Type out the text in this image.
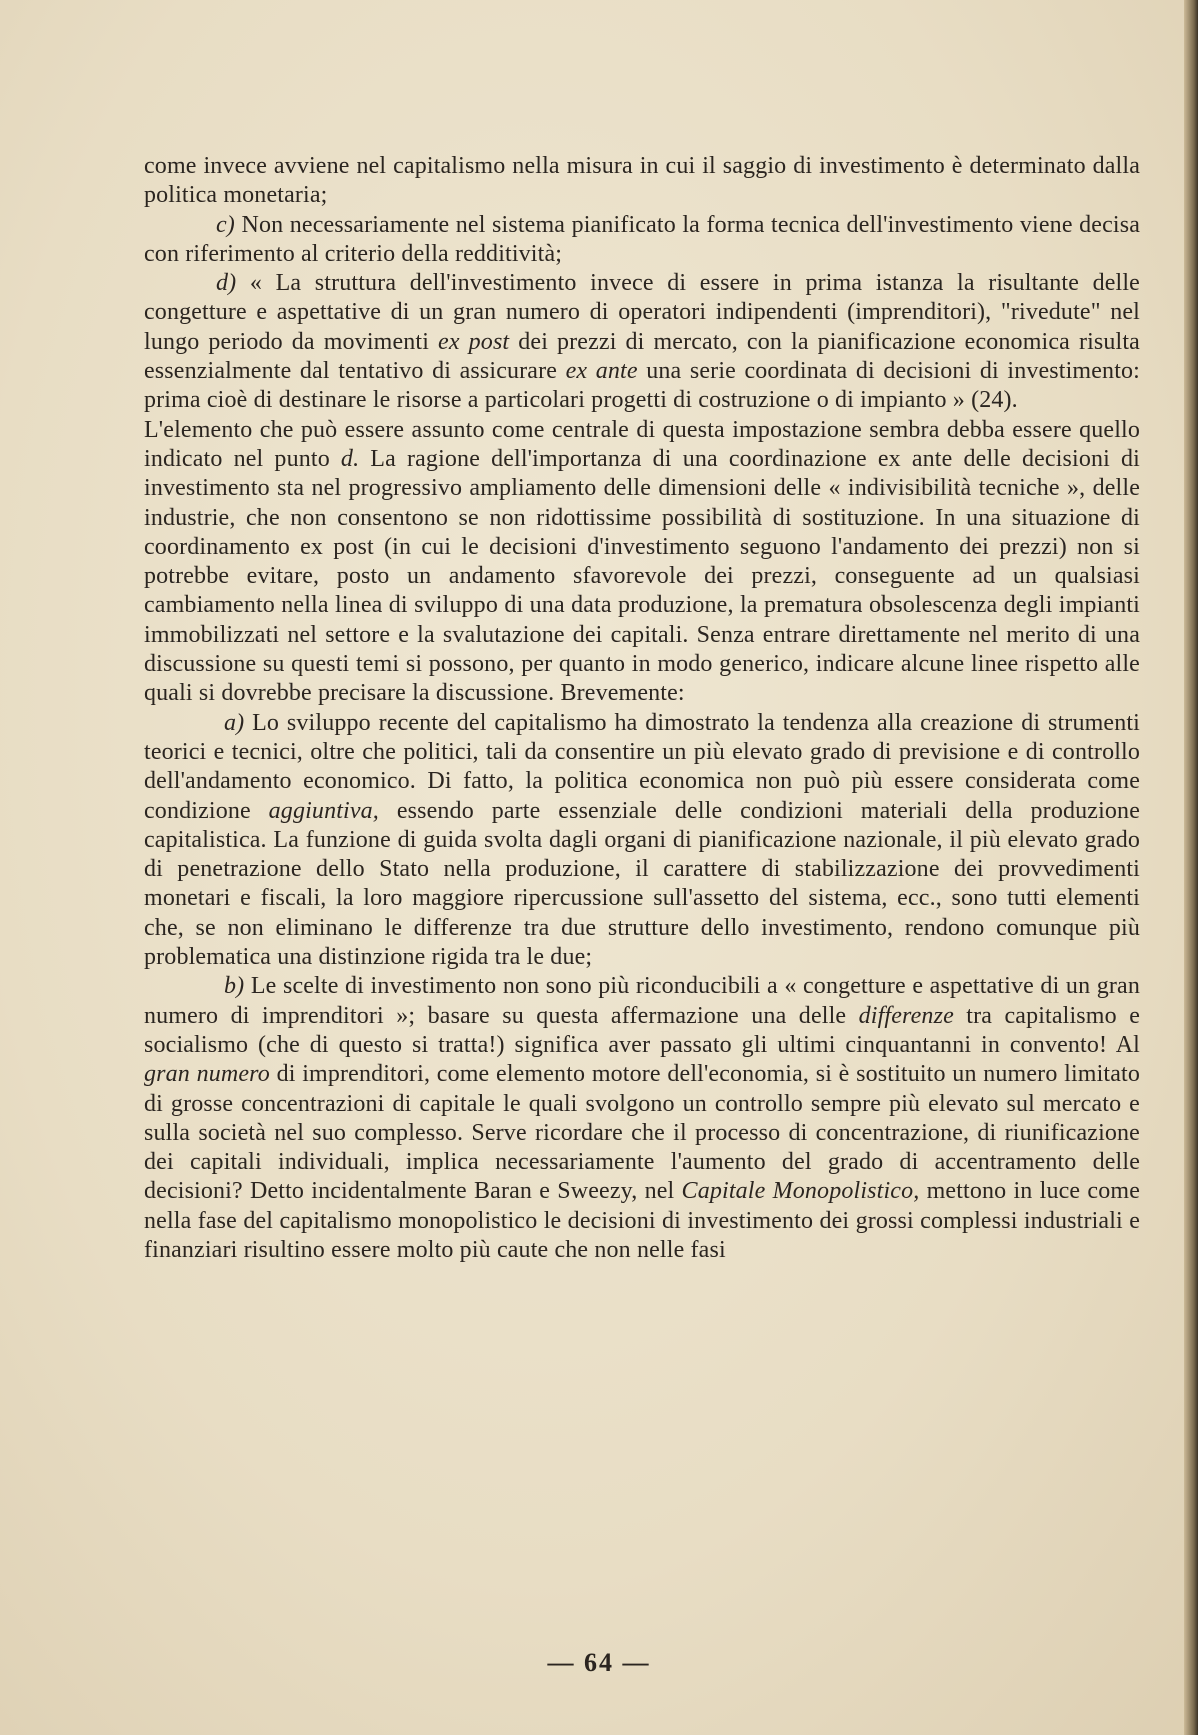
come invece avviene nel capitalismo nella misura in cui il saggio di investimento è determinato dalla politica monetaria;

c) Non necessariamente nel sistema pianificato la forma tecnica dell'investimento viene decisa con riferimento al criterio della redditività;

d) « La struttura dell'investimento invece di essere in prima istanza la risultante delle congetture e aspettative di un gran numero di operatori indipendenti (imprenditori), "rivedute" nel lungo periodo da movimenti ex post dei prezzi di mercato, con la pianificazione economica risulta essenzialmente dal tentativo di assicurare ex ante una serie coordinata di decisioni di investimento: prima cioè di destinare le risorse a particolari progetti di costruzione o di impianto » (24).

L'elemento che può essere assunto come centrale di questa impostazione sembra debba essere quello indicato nel punto d. La ragione dell'importanza di una coordinazione ex ante delle decisioni di investimento sta nel progressivo ampliamento delle dimensioni delle « indivisibilità tecniche », delle industrie, che non consentono se non ridottissime possibilità di sostituzione. In una situazione di coordinamento ex post (in cui le decisioni d'investimento seguono l'andamento dei prezzi) non si potrebbe evitare, posto un andamento sfavorevole dei prezzi, conseguente ad un qualsiasi cambiamento nella linea di sviluppo di una data produzione, la prematura obsolescenza degli impianti immobilizzati nel settore e la svalutazione dei capitali. Senza entrare direttamente nel merito di una discussione su questi temi si possono, per quanto in modo generico, indicare alcune linee rispetto alle quali si dovrebbe precisare la discussione. Brevemente:

a) Lo sviluppo recente del capitalismo ha dimostrato la tendenza alla creazione di strumenti teorici e tecnici, oltre che politici, tali da consentire un più elevato grado di previsione e di controllo dell'andamento economico. Di fatto, la politica economica non può più essere considerata come condizione aggiuntiva, essendo parte essenziale delle condizioni materiali della produzione capitalistica. La funzione di guida svolta dagli organi di pianificazione nazionale, il più elevato grado di penetrazione dello Stato nella produzione, il carattere di stabilizzazione dei provvedimenti monetari e fiscali, la loro maggiore ripercussione sull'assetto del sistema, ecc., sono tutti elementi che, se non eliminano le differenze tra due strutture dello investimento, rendono comunque più problematica una distinzione rigida tra le due;

b) Le scelte di investimento non sono più riconducibili a « congetture e aspettative di un gran numero di imprenditori »; basare su questa affermazione una delle differenze tra capitalismo e socialismo (che di questo si tratta!) significa aver passato gli ultimi cinquantanni in convento! Al gran numero di imprenditori, come elemento motore dell'economia, si è sostituito un numero limitato di grosse concentrazioni di capitale le quali svolgono un controllo sempre più elevato sul mercato e sulla società nel suo complesso. Serve ricordare che il processo di concentrazione, di riunificazione dei capitali individuali, implica necessariamente l'aumento del grado di accentramento delle decisioni? Detto incidentalmente Baran e Sweezy, nel Capitale Monopolistico, mettono in luce come nella fase del capitalismo monopolistico le decisioni di investimento dei grossi complessi industriali e finanziari risultino essere molto più caute che non nelle fasi

— 64 —
